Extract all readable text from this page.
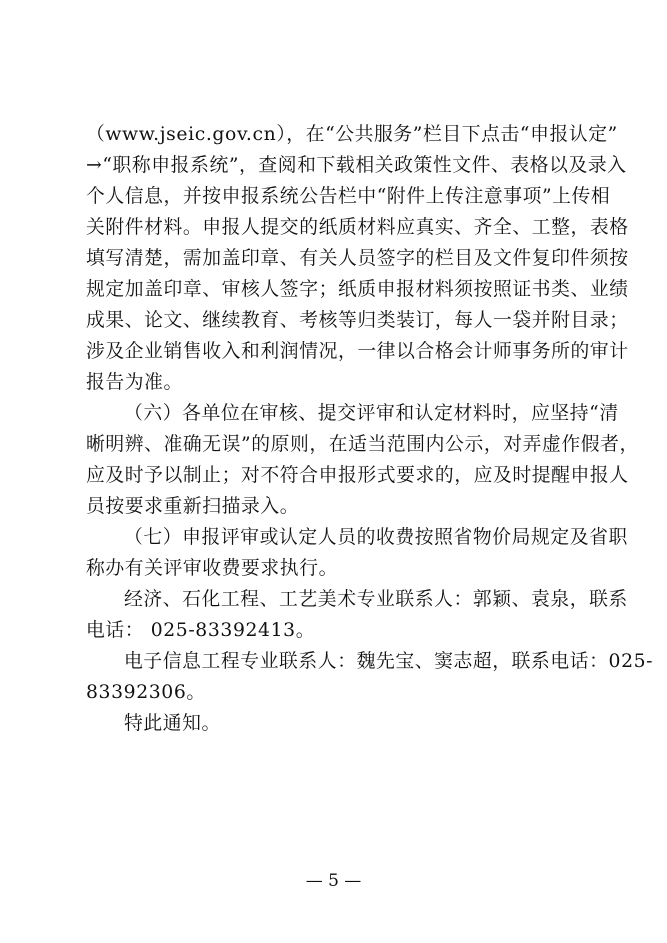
（www.jseic.gov.cn），在“公共服务”栏目下点击“申报认定”
→“职称申报系统”，查阅和下载相关政策性文件、表格以及录入
个人信息，并按申报系统公告栏中“附件上传注意事项”上传相
关附件材料。申报人提交的纸质材料应真实、齐全、工整，表格
填写清楚，需加盖印章、有关人员签字的栏目及文件复印件须按
规定加盖印章、审核人签字；纸质申报材料须按照证书类、业绩
成果、论文、继续教育、考核等归类装订，每人一袋并附目录；
涉及企业销售收入和利润情况，一律以合格会计师事务所的审计
报告为准。
（六）各单位在审核、提交评审和认定材料时，应坚持“清
晰明辨、准确无误”的原则，在适当范围内公示，对弄虚作假者，
应及时予以制止；对不符合申报形式要求的，应及时提醒申报人
员按要求重新扫描录入。
（七）申报评审或认定人员的收费按照省物价局规定及省职
称办有关评审收费要求执行。
经济、石化工程、工艺美术专业联系人：郭颖、袁泉，联系
电话： 025-83392413。
电子信息工程专业联系人：魏先宝、窦志超，联系电话：025-
83392306。
特此通知。
— 5 —
